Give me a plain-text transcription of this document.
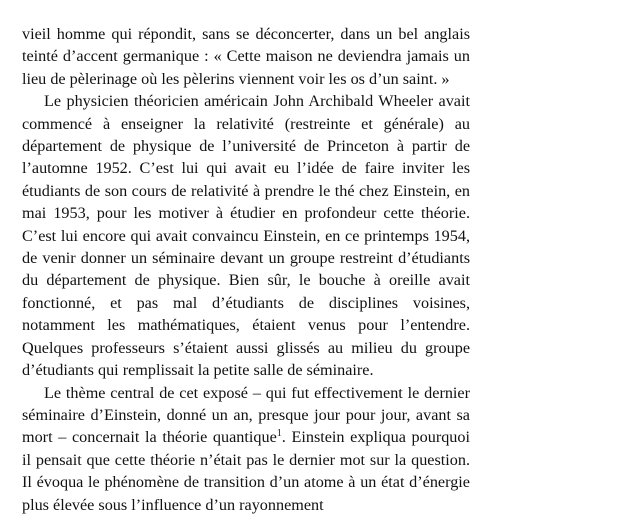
vieil homme qui répondit, sans se déconcerter, dans un bel anglais teinté d’accent germanique : « Cette maison ne deviendra jamais un lieu de pèlerinage où les pèlerins viennent voir les os d’un saint. »

Le physicien théoricien américain John Archibald Wheeler avait commencé à enseigner la relativité (restreinte et générale) au département de physique de l’université de Princeton à partir de l’automne 1952. C’est lui qui avait eu l’idée de faire inviter les étudiants de son cours de relativité à prendre le thé chez Einstein, en mai 1953, pour les motiver à étudier en profondeur cette théorie. C’est lui encore qui avait convaincu Einstein, en ce printemps 1954, de venir donner un séminaire devant un groupe restreint d’étudiants du département de physique. Bien sûr, le bouche à oreille avait fonctionné, et pas mal d’étudiants de disciplines voisines, notamment les mathématiques, étaient venus pour l’entendre. Quelques professeurs s’étaient aussi glissés au milieu du groupe d’étudiants qui remplissait la petite salle de séminaire.

Le thème central de cet exposé – qui fut effectivement le dernier séminaire d’Einstein, donné un an, presque jour pour jour, avant sa mort – concernait la théorie quantique$^1$. Einstein expliqua pourquoi il pensait que cette théorie n’était pas le dernier mot sur la question. Il évoqua le phénomène de transition d’un atome à un état d’énergie plus élevée sous l’influence d’un rayonnement
